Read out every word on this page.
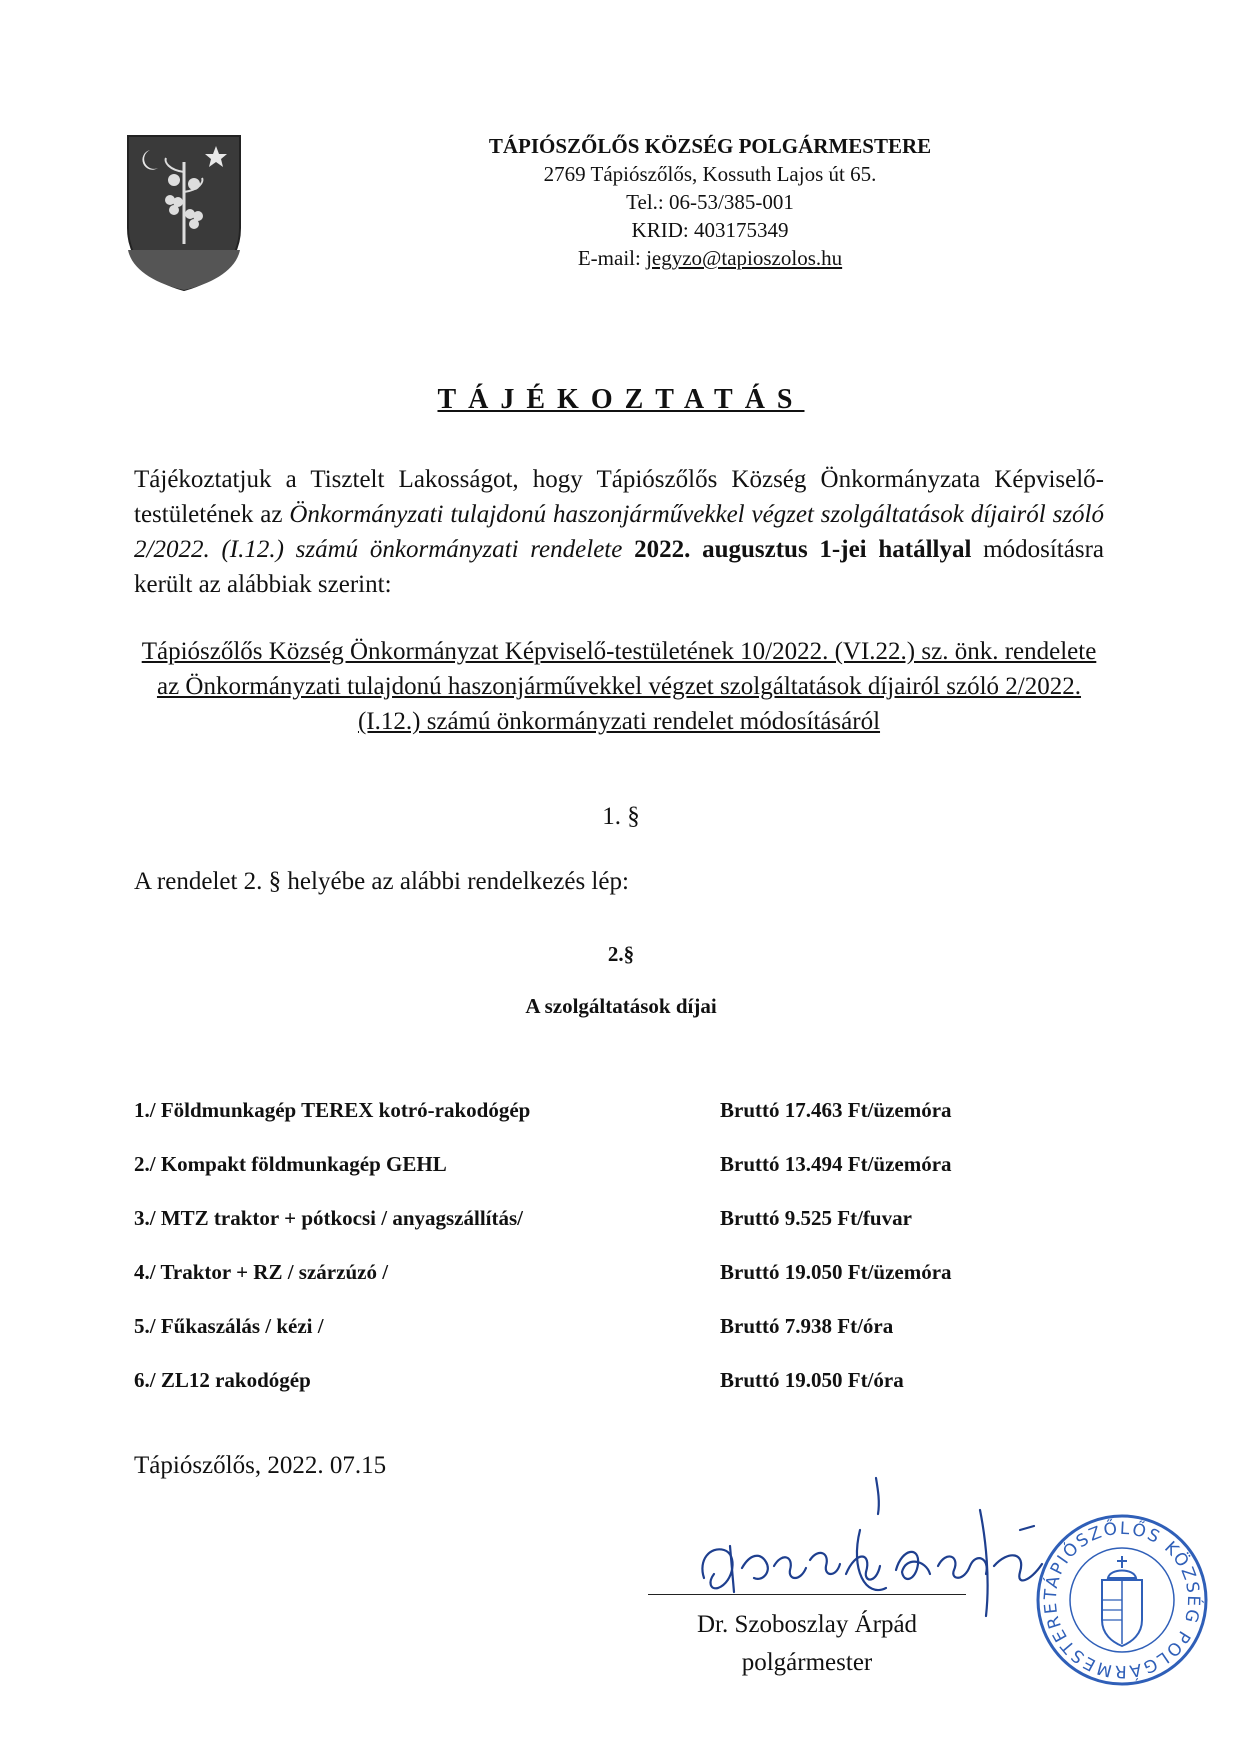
TÁPIÓSZŐLŐS KÖZSÉG POLGÁRMESTERE
2769 Tápiószőlős, Kossuth Lajos út 65.
Tel.: 06-53/385-001
KRID: 403175349
E-mail: jegyzo@tapioszolos.hu
TÁJÉKOZTATÁS
Tájékoztatjuk a Tisztelt Lakosságot, hogy Tápiószőlős Község Önkormányzata Képviselő-testületének az Önkormányzati tulajdonú haszonjárművekkel végzet szolgáltatások díjairól szóló 2/2022. (I.12.) számú önkormányzati rendelete 2022. augusztus 1-jei hatállyal módosításra került az alábbiak szerint:
Tápiószőlős Község Önkormányzat Képviselő-testületének 10/2022. (VI.22.) sz. önk. rendelete az Önkormányzati tulajdonú haszonjárművekkel végzet szolgáltatások díjairól szóló 2/2022. (I.12.) számú önkormányzati rendelet módosításáról
1. §
A rendelet 2. § helyébe az alábbi rendelkezés lép:
2.§
A szolgáltatások díjai
1./ Földmunkagép TEREX kotró-rakodógép	Bruttó 17.463 Ft/üzemóra
2./ Kompakt földmunkagép GEHL	Bruttó 13.494 Ft/üzemóra
3./ MTZ traktor + pótkocsi / anyagszállítás/	Bruttó 9.525 Ft/fuvar
4./ Traktor + RZ / szárzúzó /	Bruttó 19.050 Ft/üzemóra
5./ Fűkaszálás / kézi /	Bruttó 7.938 Ft/óra
6./ ZL12 rakodógép	Bruttó 19.050 Ft/óra
Tápiószőlős, 2022. 07.15
Dr. Szoboszlay Árpád
polgármester
TÁPIÓSZŐLŐS KÖZSÉG POLGÁRMESTERE
